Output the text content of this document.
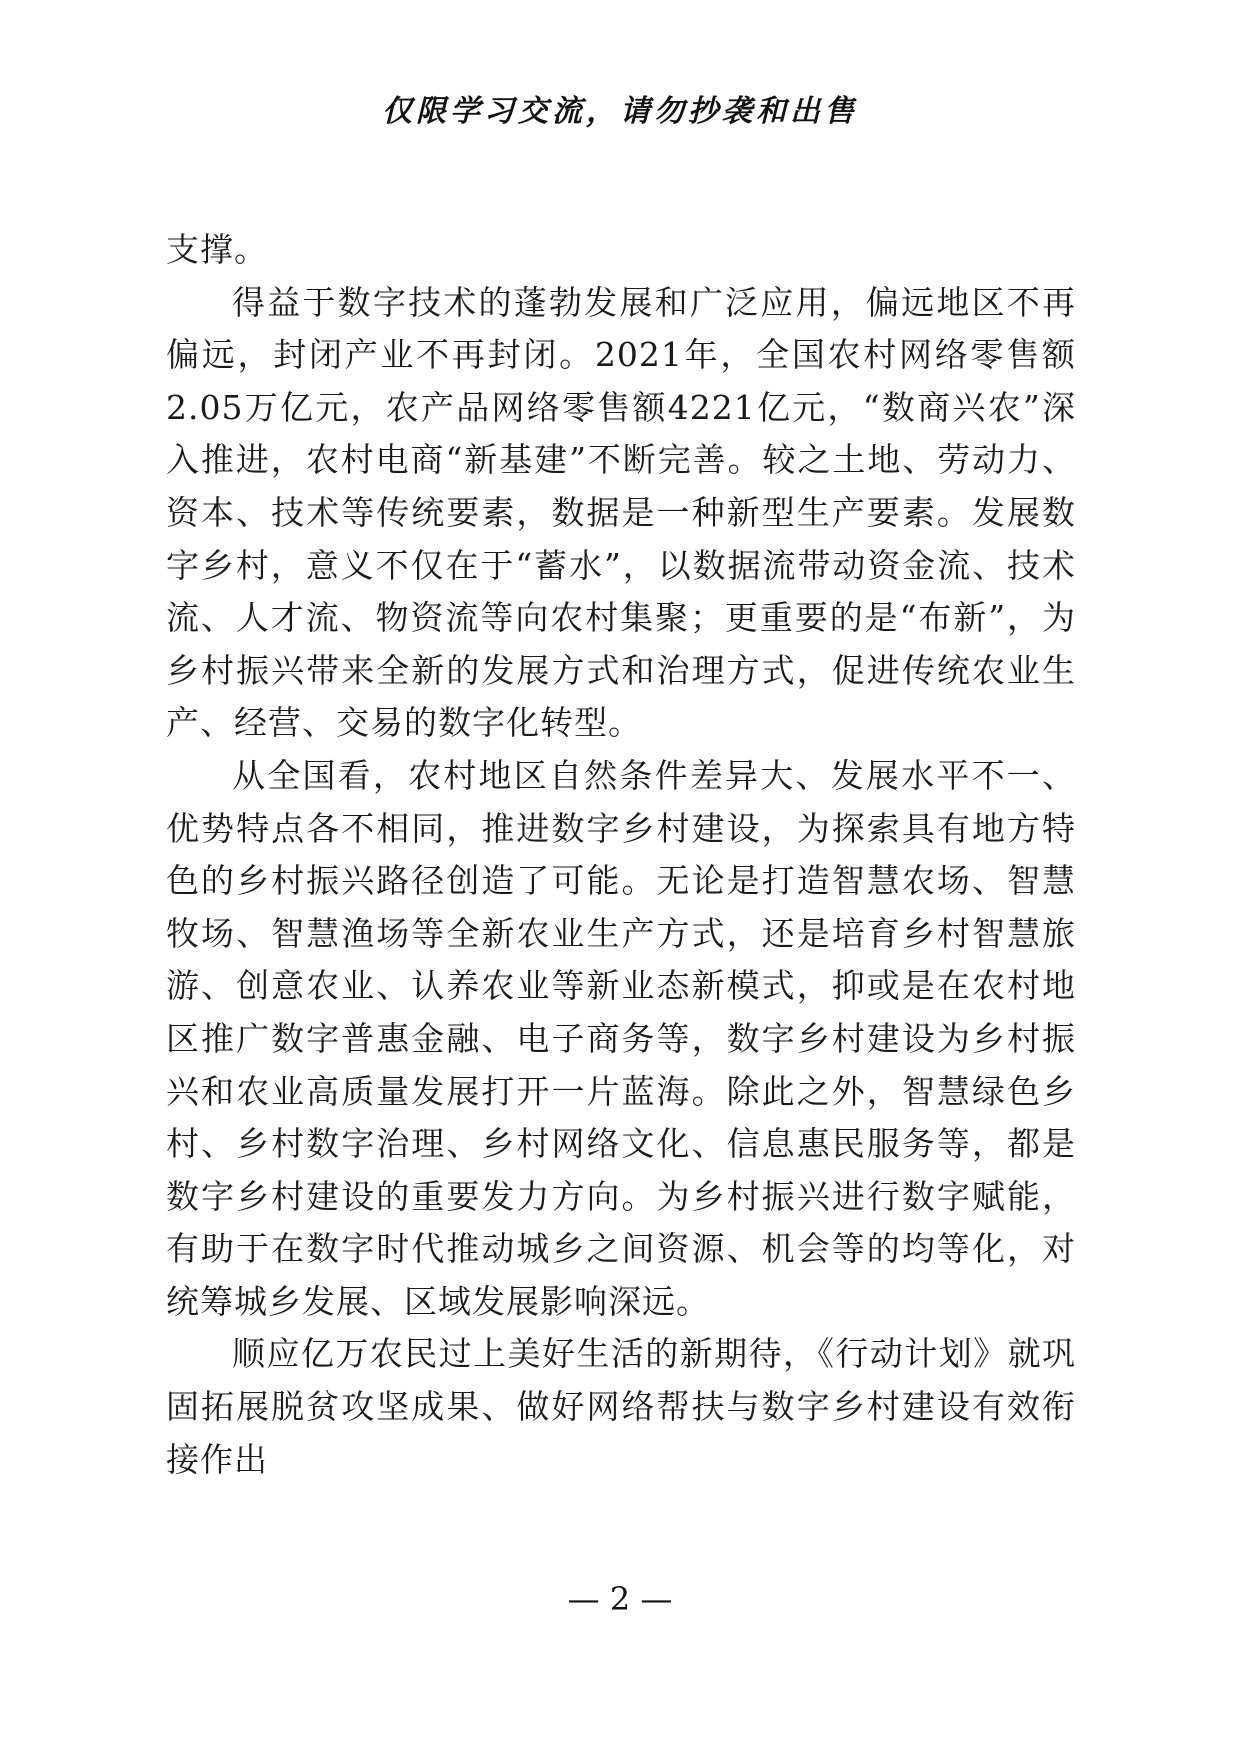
仅限学习交流，请勿抄袭和出售

支撑。

得益于数字技术的蓬勃发展和广泛应用，偏远地区不再偏远，封闭产业不再封闭。2021年，全国农村网络零售额2.05万亿元，农产品网络零售额4221亿元，“数商兴农”深入推进，农村电商“新基建”不断完善。较之土地、劳动力、资本、技术等传统要素，数据是一种新型生产要素。发展数字乡村，意义不仅在于“蓄水”，以数据流带动资金流、技术流、人才流、物资流等向农村集聚；更重要的是“布新”，为乡村振兴带来全新的发展方式和治理方式，促进传统农业生产、经营、交易的数字化转型。

从全国看，农村地区自然条件差异大、发展水平不一、优势特点各不相同，推进数字乡村建设，为探索具有地方特色的乡村振兴路径创造了可能。无论是打造智慧农场、智慧牧场、智慧渔场等全新农业生产方式，还是培育乡村智慧旅游、创意农业、认养农业等新业态新模式，抑或是在农村地区推广数字普惠金融、电子商务等，数字乡村建设为乡村振兴和农业高质量发展打开一片蓝海。除此之外，智慧绿色乡村、乡村数字治理、乡村网络文化、信息惠民服务等，都是数字乡村建设的重要发力方向。为乡村振兴进行数字赋能，有助于在数字时代推动城乡之间资源、机会等的均等化，对统筹城乡发展、区域发展影响深远。

顺应亿万农民过上美好生活的新期待，《行动计划》就巩固拓展脱贫攻坚成果、做好网络帮扶与数字乡村建设有效衔接作出

— 2 —
